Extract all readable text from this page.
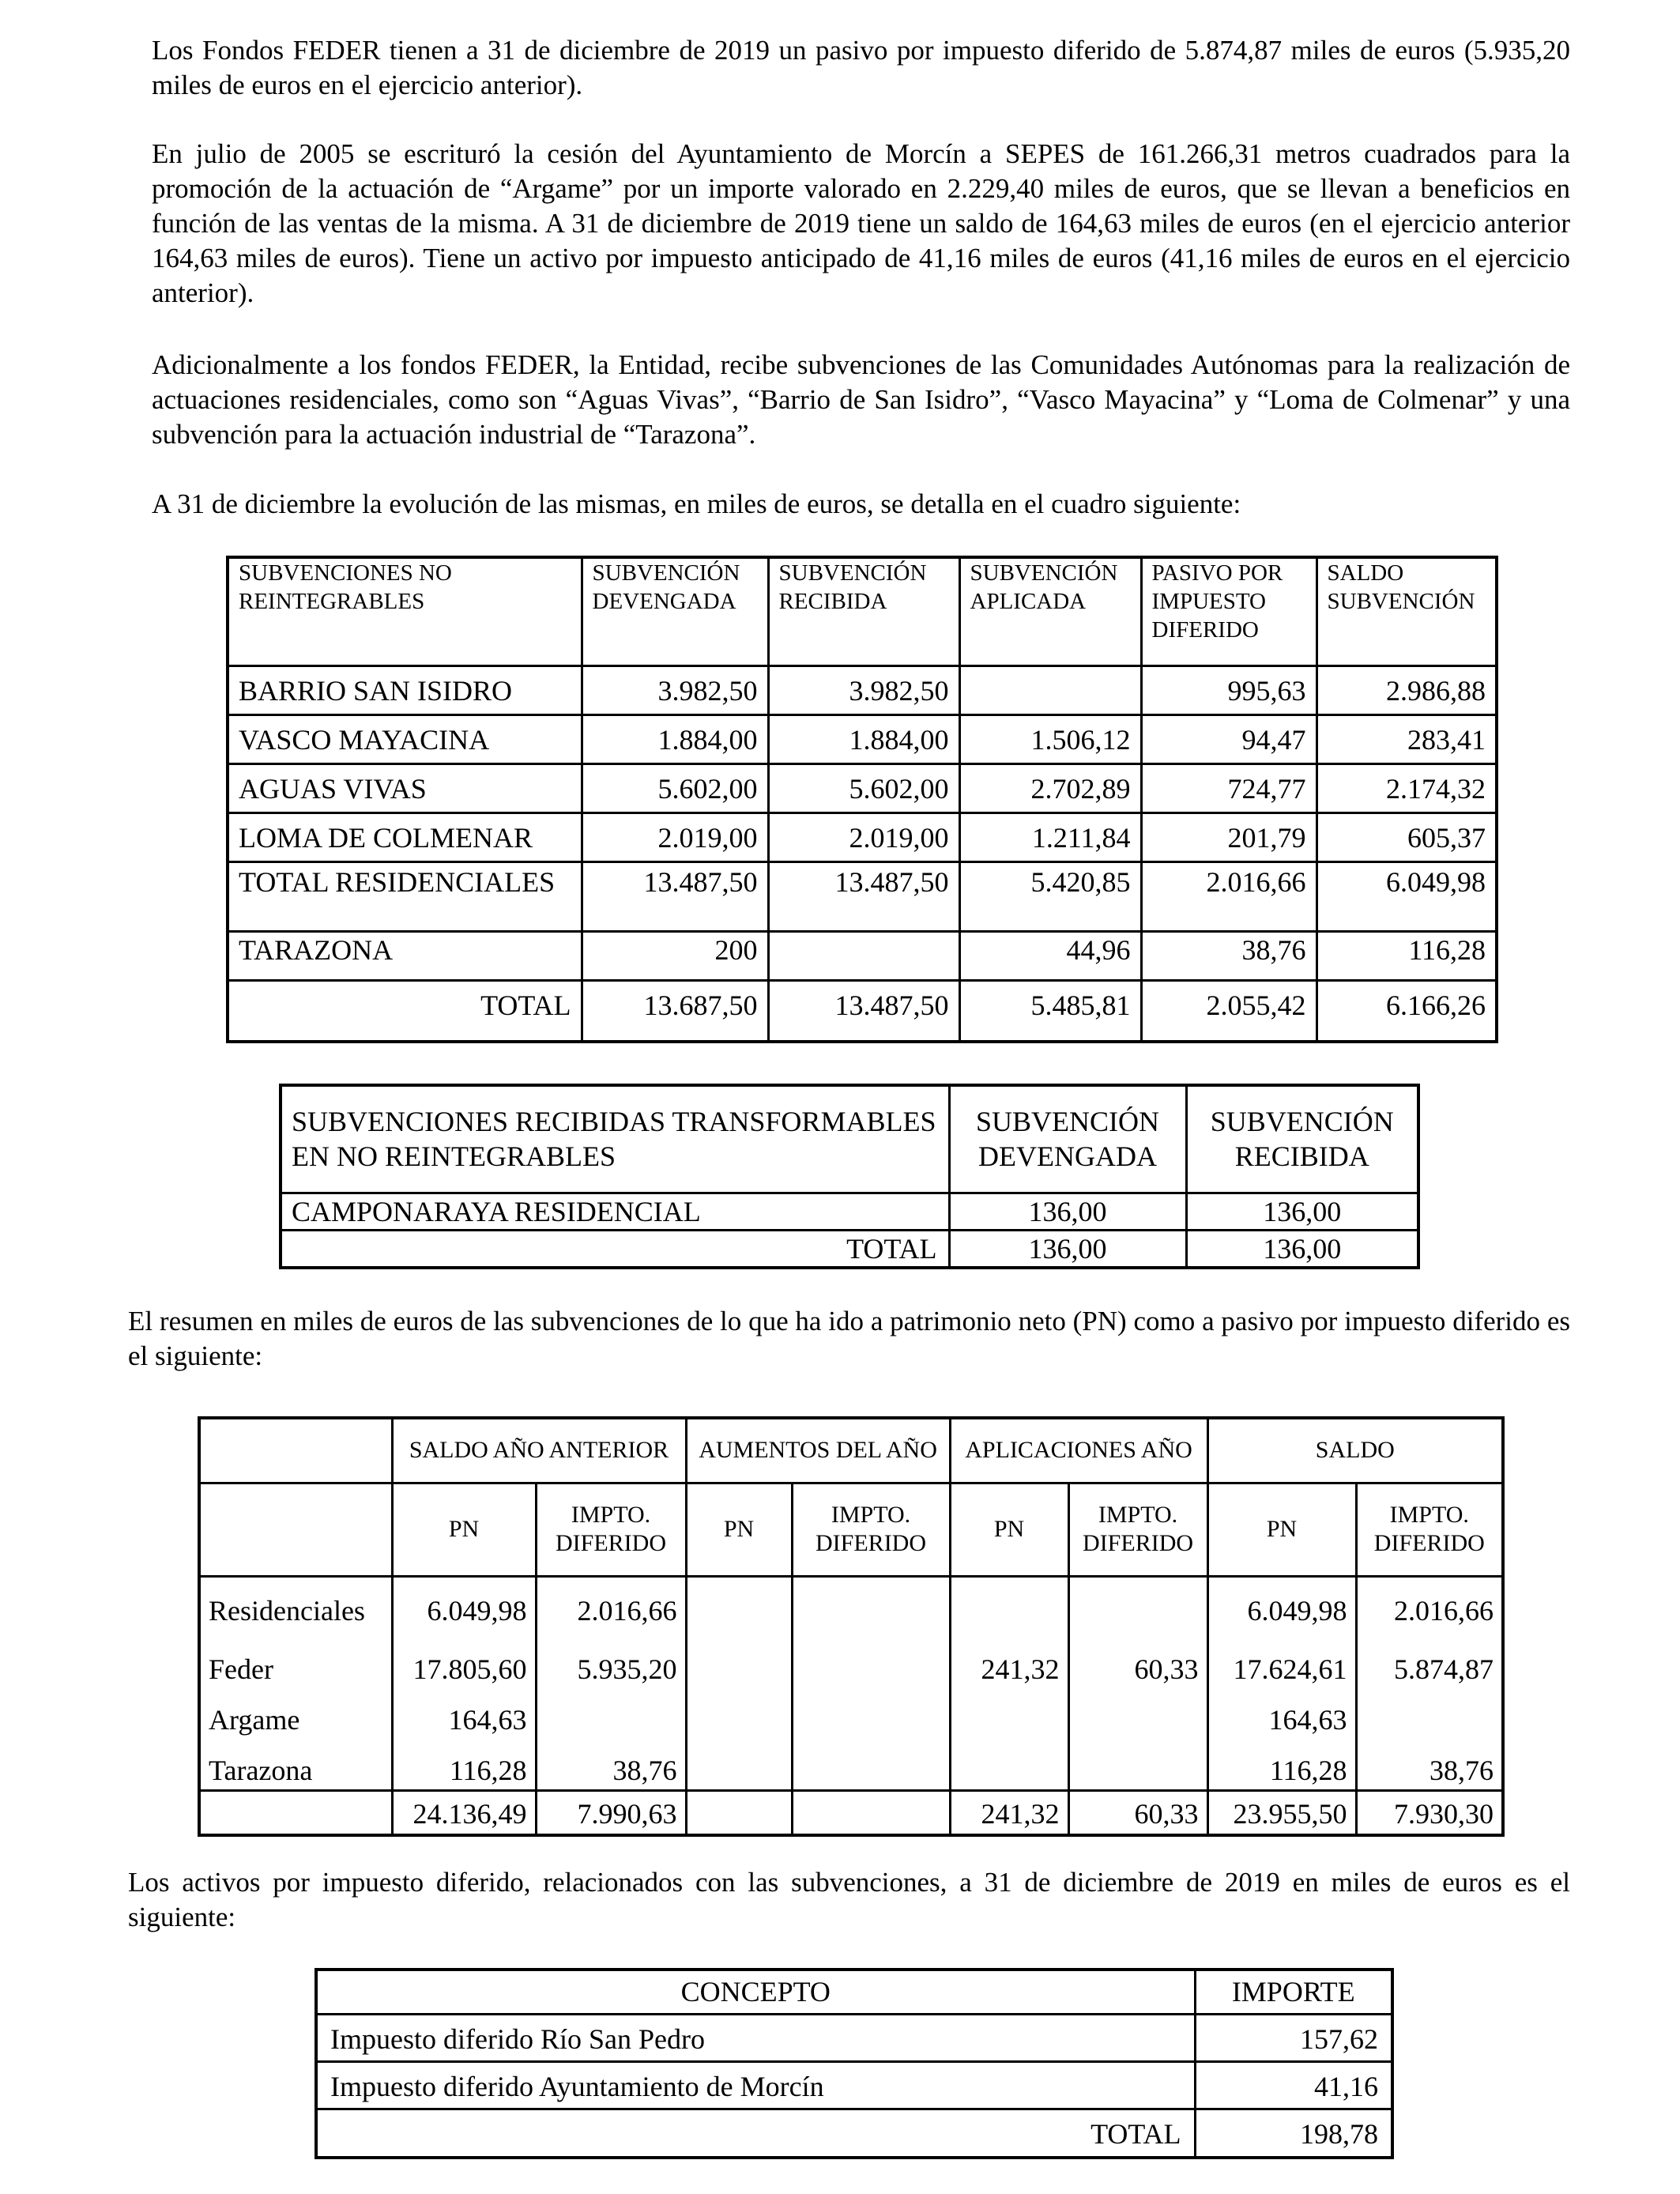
Los Fondos FEDER tienen a 31 de diciembre de 2019 un pasivo por impuesto diferido de 5.874,87 miles de euros (5.935,20 miles de euros en el ejercicio anterior).

En julio de 2005 se escrituró la cesión del Ayuntamiento de Morcín a SEPES de 161.266,31 metros cuadrados para la promoción de la actuación de “Argame” por un importe valorado en 2.229,40 miles de euros, que se llevan a beneficios en función de las ventas de la misma. A 31 de diciembre de 2019 tiene un saldo de 164,63 miles de euros (en el ejercicio anterior 164,63 miles de euros). Tiene un activo por impuesto anticipado de 41,16 miles de euros (41,16 miles de euros en el ejercicio anterior).

Adicionalmente a los fondos FEDER, la Entidad, recibe subvenciones de las Comunidades Autónomas para la realización de actuaciones residenciales, como son “Aguas Vivas”, “Barrio de San Isidro”, “Vasco Mayacina” y “Loma de Colmenar” y una subvención para la actuación industrial de “Tarazona”.

A 31 de diciembre la evolución de las mismas, en miles de euros, se detalla en el cuadro siguiente:

SUBVENCIONES NO REINTEGRABLES	SUBVENCIÓN DEVENGADA	SUBVENCIÓN RECIBIDA	SUBVENCIÓN APLICADA	PASIVO POR IMPUESTO DIFERIDO	SALDO SUBVENCIÓN
BARRIO SAN ISIDRO	3.982,50	3.982,50		995,63	2.986,88
VASCO MAYACINA	1.884,00	1.884,00	1.506,12	94,47	283,41
AGUAS VIVAS	5.602,00	5.602,00	2.702,89	724,77	2.174,32
LOMA DE COLMENAR	2.019,00	2.019,00	1.211,84	201,79	605,37
TOTAL RESIDENCIALES	13.487,50	13.487,50	5.420,85	2.016,66	6.049,98
TARAZONA	200		44,96	38,76	116,28
TOTAL	13.687,50	13.487,50	5.485,81	2.055,42	6.166,26
SUBVENCIONES RECIBIDAS TRANSFORMABLES EN NO REINTEGRABLES	SUBVENCIÓN DEVENGADA	SUBVENCIÓN RECIBIDA
CAMPONARAYA RESIDENCIAL	136,00	136,00
TOTAL	136,00	136,00

El resumen en miles de euros de las subvenciones de lo que ha ido a patrimonio neto (PN) como a pasivo por impuesto diferido es el siguiente:

	SALDO AÑO ANTERIOR		AUMENTOS DEL AÑO		APLICACIONES AÑO		SALDO	
	PN	IMPTO. DIFERIDO	PN	IMPTO. DIFERIDO	PN	IMPTO. DIFERIDO	PN	IMPTO. DIFERIDO
Residenciales	6.049,98	2.016,66					6.049,98	2.016,66
Feder	17.805,60	5.935,20			241,32	60,33	17.624,61	5.874,87
Argame	164,63						164,63	
Tarazona	116,28	38,76					116,28	38,76
	24.136,49	7.990,63			241,32	60,33	23.955,50	7.930,30

Los activos por impuesto diferido, relacionados con las subvenciones, a 31 de diciembre de 2019 en miles de euros es el siguiente:

CONCEPTO	IMPORTE
Impuesto diferido Río San Pedro	157,62
Impuesto diferido Ayuntamiento de Morcín	41,16
TOTAL	198,78
